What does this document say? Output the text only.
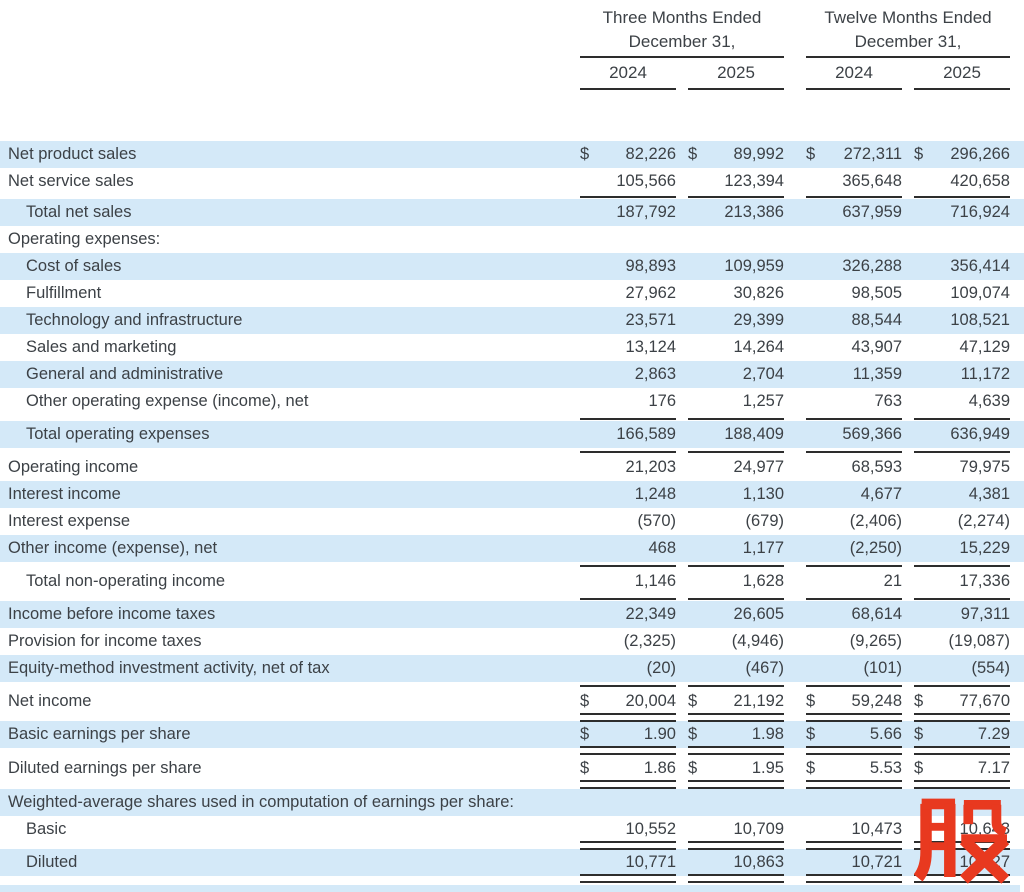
Three Months Ended
December 31,
2024	2025
Twelve Months Ended
December 31,
2024	2025
Net product sales	$	82,226 $	89,992 $	272,311 $	296,266
Net service sales	105,566	123,394	365,648	420,658
Total net sales	187,792	213,386	637,959	716,924
Operating expenses:
Cost of sales	98,893	109,959	326,288	356,414
Fulfillment	27,962	30,826	98,505	109,074
Technology and infrastructure	23,571	29,399	88,544	108,521
Sales and marketing	13,124	14,264	43,907	47,129
General and administrative	2,863	2,704	11,359	11,172
Other operating expense (income), net	176	1,257	763	4,639
Total operating expenses	166,589	188,409	569,366	636,949
Operating income	21,203	24,977	68,593	79,975
Interest income	1,248	1,130	4,677	4,381
Interest expense	(570)	(679)	(2,406)	(2,274)
Other income (expense), net	468	1,177	(2,250)	15,229
Total non-operating income	1,146	1,628	21	17,336
Income before income taxes	22,349	26,605	68,614	97,311
Provision for income taxes	(2,325)	(4,946)	(9,265)	(19,087)
Equity-method investment activity, net of tax	(20)	(467)	(101)	(554)
Net income	$	20,004 $	21,192 $	59,248 $	77,670
Basic earnings per share	$	1.90 $	1.98 $	5.66 $	7.29
Diluted earnings per share	$	1.86 $	1.95 $	5.53 $	7.17
Weighted-average shares used in computation of earnings per share:
Basic	10,552	10,709	10,473	10,643
Diluted	10,771	10,863	10,721	10,827
